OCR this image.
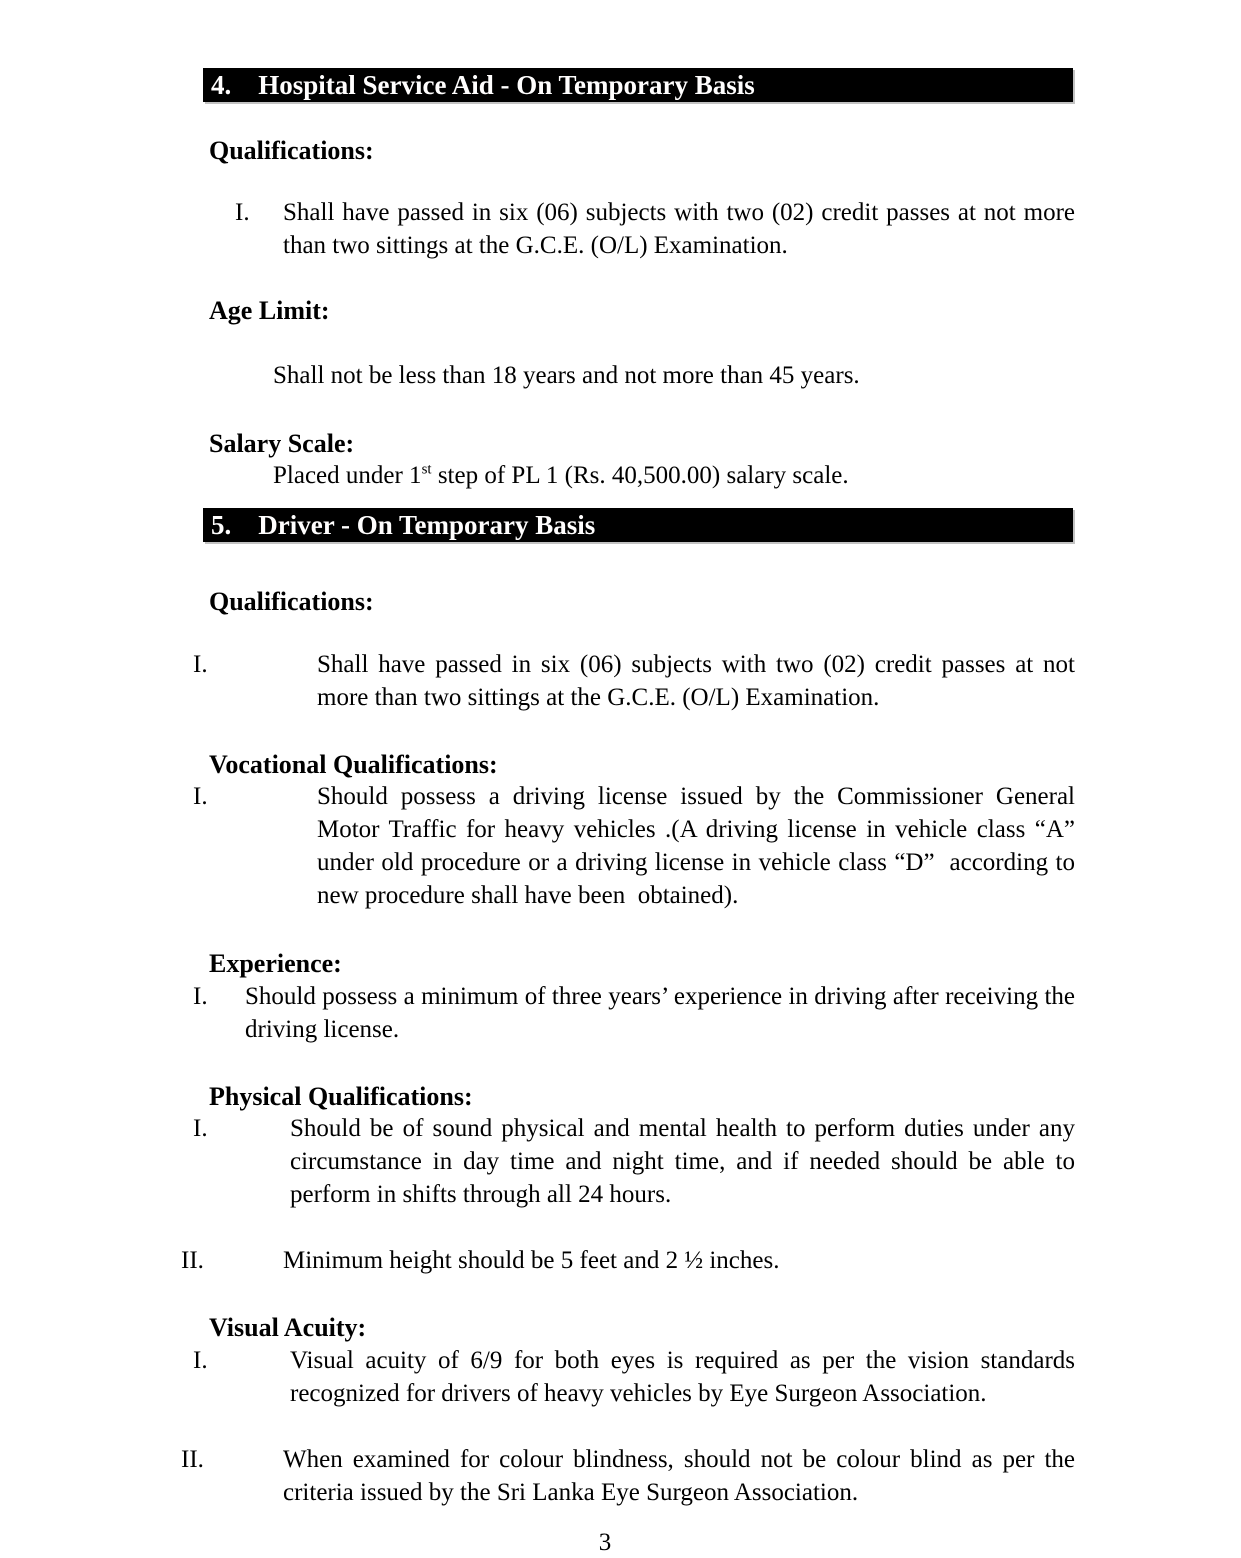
4. Hospital Service Aid - On Temporary Basis
Qualifications:
I. Shall have passed in six (06) subjects with two (02) credit passes at not more than two sittings at the G.C.E. (O/L) Examination.
Age Limit:
Shall not be less than 18 years and not more than 45 years.
Salary Scale:
Placed under 1st step of PL 1 (Rs. 40,500.00) salary scale.
5. Driver - On Temporary Basis
Qualifications:
I.	Shall have passed in six (06) subjects with two (02) credit passes at not more than two sittings at the G.C.E. (O/L) Examination.
Vocational Qualifications:
I.	Should possess a driving license issued by the Commissioner General Motor Traffic for heavy vehicles .(A driving license in vehicle class “A” under old procedure or a driving license in vehicle class “D”  according to new procedure shall have been  obtained).
Experience:
I. Should possess a minimum of three years’ experience in driving after receiving the driving license.
Physical Qualifications:
I.	Should be of sound physical and mental health to perform duties under any circumstance in day time and night time, and if needed should be able to perform in shifts through all 24 hours.
II.	Minimum height should be 5 feet and 2 ½ inches.
Visual Acuity:
I.	Visual acuity of 6/9 for both eyes is required as per the vision standards recognized for drivers of heavy vehicles by Eye Surgeon Association.
II.	When examined for colour blindness, should not be colour blind as per the criteria issued by the Sri Lanka Eye Surgeon Association.
3
